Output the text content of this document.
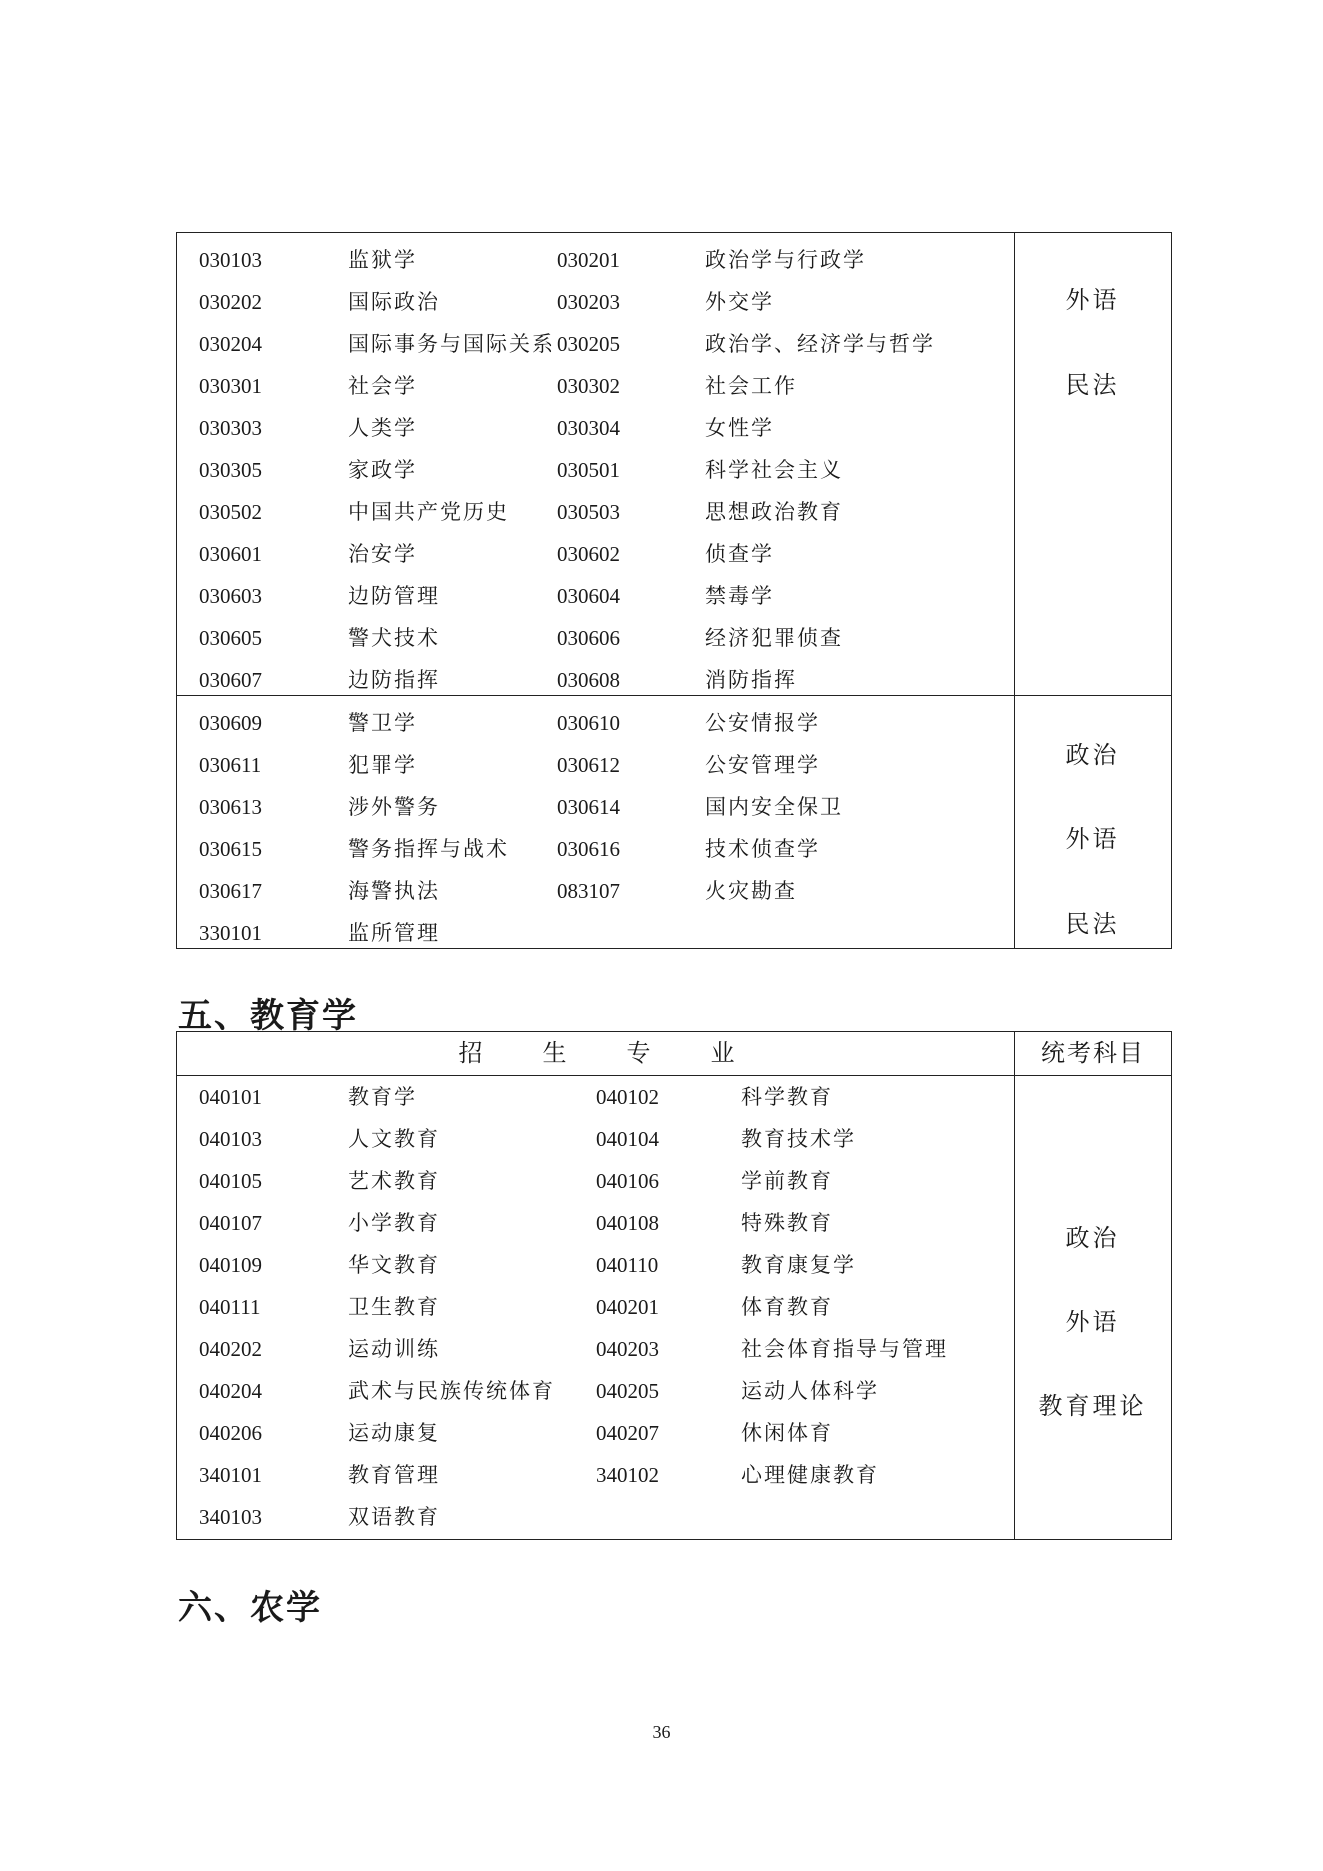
030103	监狱学	030201	政治学与行政学
030202	国际政治	030203	外交学
030204	国际事务与国际关系 030205	政治学、经济学与哲学
030301	社会学	030302	社会工作
030303	人类学	030304	女性学
030305	家政学	030501	科学社会主义
030502	中国共产党历史 030503	思想政治教育
030601	治安学	030602	侦查学
030603	边防管理	030604	禁毒学
030605	警犬技术	030606	经济犯罪侦查
030607	边防指挥	030608	消防指挥
外语
民法
030609	警卫学	030610	公安情报学
030611	犯罪学	030612	公安管理学
030613	涉外警务	030614	国内安全保卫
030615	警务指挥与战术 030616	技术侦查学
030617	海警执法	083107	火灾勘查
330101	监所管理
政治
外语
民法
五、教育学
招	生	专	业	统考科目
040101	教育学	040102	科学教育
040103	人文教育	040104	教育技术学
040105	艺术教育	040106	学前教育
040107	小学教育	040108	特殊教育
040109	华文教育	040110	教育康复学
040111	卫生教育	040201	体育教育
040202	运动训练	040203	社会体育指导与管理
040204	武术与民族传统体育 040205	运动人体科学
040206	运动康复	040207	休闲体育
340101	教育管理	340102	心理健康教育
340103	双语教育
政治
外语
教育理论
六、农学
36
